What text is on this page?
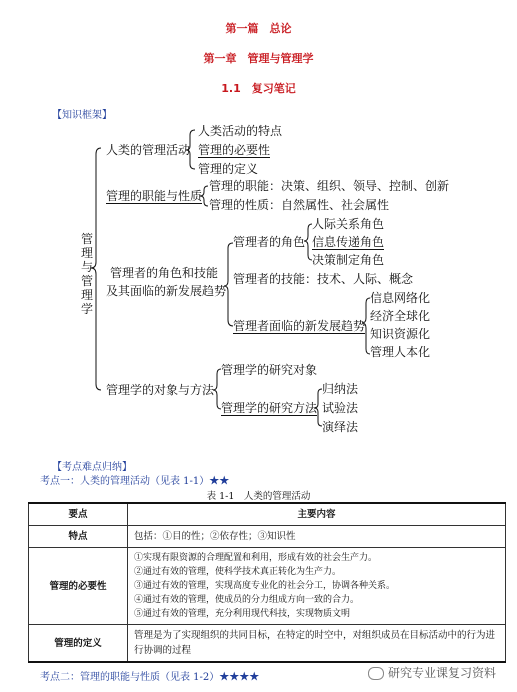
第一篇　总论
第一章　管理与管理学
1.1　复习笔记
【知识框架】
管理与管理学
人类的管理活动
人类活动的特点
管理的必要性
管理的定义
管理的职能与性质
管理的职能：决策、组织、领导、控制、创新
管理的性质：自然属性、社会属性
管理者的角色和技能
及其面临的新发展趋势
管理者的角色
人际关系角色
信息传递角色
决策制定角色
管理者的技能：技术、人际、概念
管理者面临的新发展趋势
信息网络化
经济全球化
知识资源化
管理人本化
管理学的对象与方法
管理学的研究对象
管理学的研究方法
归纳法
试验法
演绎法
【考点难点归纳】
考点一：人类的管理活动（见表 1-1）★★
表 1-1　人类的管理活动
要点	主要内容
特点	包括：①目的性；②依存性；③知识性

管理的必要性	①实现有限资源的合理配置和利用，形成有效的社会生产力。
②通过有效的管理，使科学技术真正转化为生产力。
③通过有效的管理，实现高度专业化的社会分工，协调各种关系。
④通过有效的管理，使成员的分力组成方向一致的合力。
⑤通过有效的管理，充分利用现代科技，实现物质文明

管理的定义	管理是为了实现组织的共同目标，在特定的时空中，对组织成员在目标活动中的行为进行协调的过程
考点二：管理的职能与性质（见表 1-2）★★★★	研究专业课复习资料
